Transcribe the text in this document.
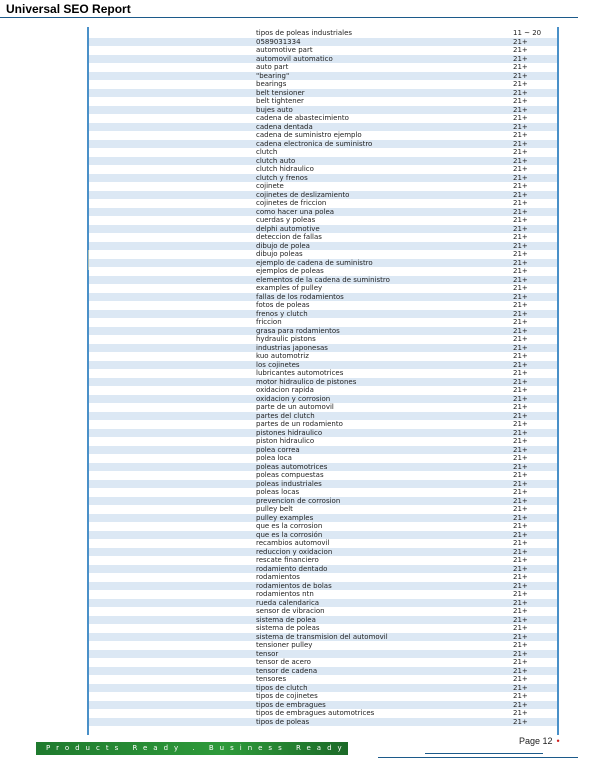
Universal SEO Report
tipos de poleas industriales	11 ~ 20
0589031334	21+
automotive part	21+
automovil automatico	21+
auto part	21+
"bearing"	21+
bearings	21+
belt tensioner	21+
belt tightener	21+
bujes auto	21+
cadena de abastecimiento	21+
cadena dentada	21+
cadena de suministro ejemplo	21+
cadena electronica de suministro	21+
clutch	21+
clutch auto	21+
clutch hidraulico	21+
clutch y frenos	21+
cojinete	21+
cojinetes de deslizamiento	21+
cojinetes de friccion	21+
como hacer una polea	21+
cuerdas y poleas	21+
delphi automotive	21+
deteccion de fallas	21+
dibujo de polea	21+
dibujo poleas	21+
ejemplo de cadena de suministro	21+
ejemplos de poleas	21+
elementos de la cadena de suministro	21+
examples of pulley	21+
fallas de los rodamientos	21+
fotos de poleas	21+
frenos y clutch	21+
friccion	21+
grasa para rodamientos	21+
hydraulic pistons	21+
industrias japonesas	21+
kuo automotriz	21+
los cojinetes	21+
lubricantes automotrices	21+
motor hidraulico de pistones	21+
oxidacion rapida	21+
oxidacion y corrosion	21+
parte de un automovil	21+
partes del clutch	21+
partes de un rodamiento	21+
pistones hidraulico	21+
piston hidraulico	21+
polea correa	21+
polea loca	21+
poleas automotrices	21+
poleas compuestas	21+
poleas industriales	21+
poleas locas	21+
prevencion de corrosion	21+
pulley belt	21+
pulley examples	21+
que es la corrosion	21+
que es la corrosión	21+
recambios automovil	21+
reduccion y oxidacion	21+
rescate financiero	21+
rodamiento dentado	21+
rodamientos	21+
rodamientos de bolas	21+
rodamientos ntn	21+
rueda calendarica	21+
sensor de vibracion	21+
sistema de polea	21+
sistema de poleas	21+
sistema de transmision del automovil	21+
tensioner pulley	21+
tensor	21+
tensor de acero	21+
tensor de cadena	21+
tensores	21+
tipos de clutch	21+
tipos de cojinetes	21+
tipos de embragues	21+
tipos de embragues automotrices	21+
tipos de poleas	21+
Products Ready . Business Ready
Page 12 •
